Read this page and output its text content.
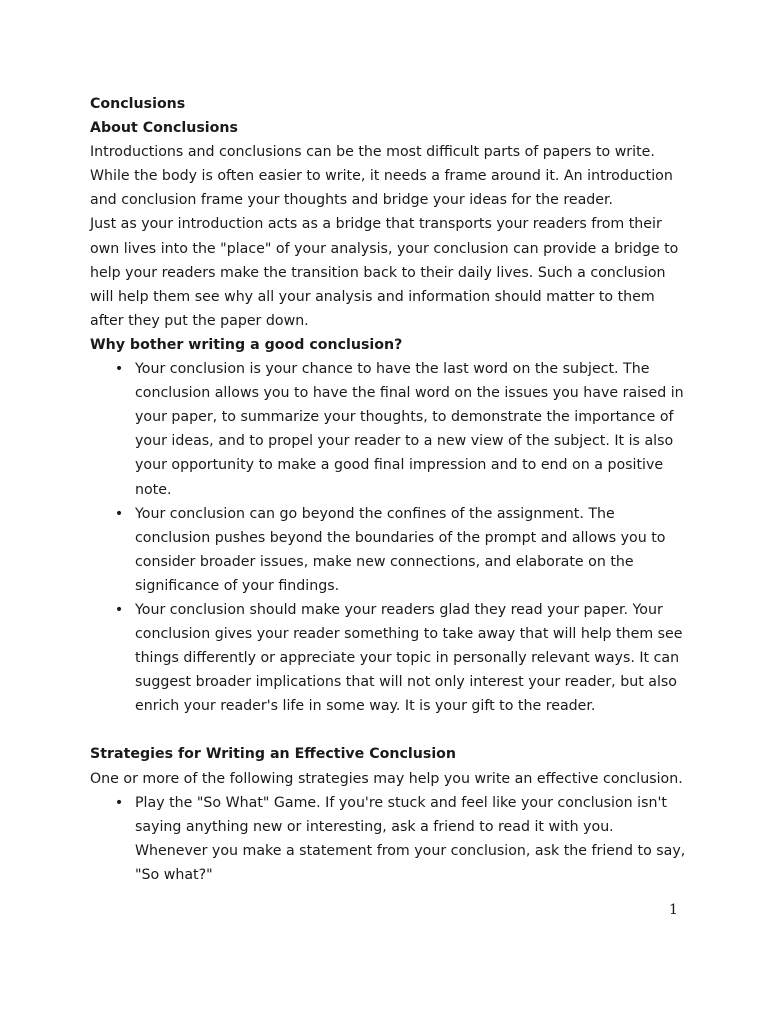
Conclusions

About Conclusions

Introductions and conclusions can be the most difficult parts of papers to write. While the body is often easier to write, it needs a frame around it. An introduction and conclusion frame your thoughts and bridge your ideas for the reader.

Just as your introduction acts as a bridge that transports your readers from their own lives into the "place" of your analysis, your conclusion can provide a bridge to help your readers make the transition back to their daily lives. Such a conclusion will help them see why all your analysis and information should matter to them after they put the paper down.

Why bother writing a good conclusion?

• Your conclusion is your chance to have the last word on the subject. The conclusion allows you to have the final word on the issues you have raised in your paper, to summarize your thoughts, to demonstrate the importance of your ideas, and to propel your reader to a new view of the subject. It is also your opportunity to make a good final impression and to end on a positive note.
• Your conclusion can go beyond the confines of the assignment. The conclusion pushes beyond the boundaries of the prompt and allows you to consider broader issues, make new connections, and elaborate on the significance of your findings.
• Your conclusion should make your readers glad they read your paper. Your conclusion gives your reader something to take away that will help them see things differently or appreciate your topic in personally relevant ways. It can suggest broader implications that will not only interest your reader, but also enrich your reader's life in some way. It is your gift to the reader.

Strategies for Writing an Effective Conclusion

One or more of the following strategies may help you write an effective conclusion.

• Play the "So What" Game. If you're stuck and feel like your conclusion isn't saying anything new or interesting, ask a friend to read it with you. Whenever you make a statement from your conclusion, ask the friend to say, "So what?"
1
